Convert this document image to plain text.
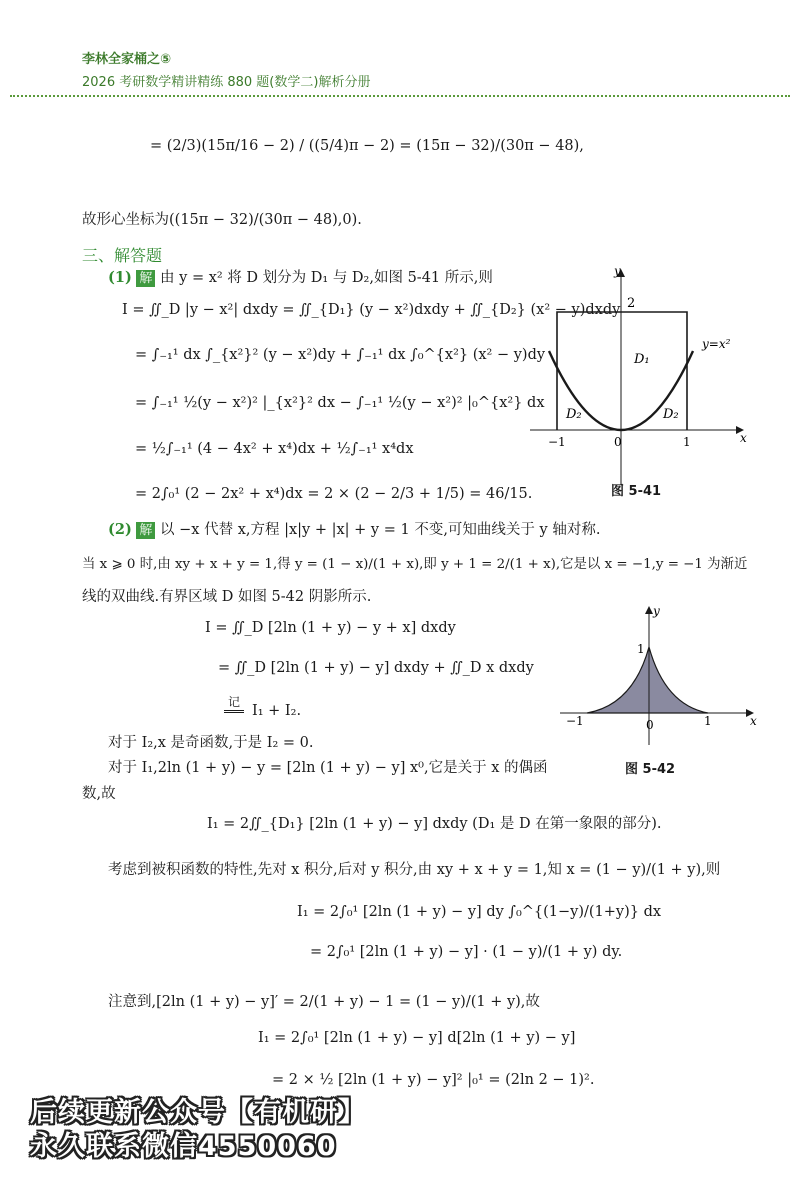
李林全家桶之⑤
2026 考研数学精讲精练 880 题(数学二)解析分册
= (2/3)(15π/16 − 2) / ((5/4)π − 2) = (15π − 32)/(30π − 48),
故形心坐标为((15π − 32)/(30π − 48),0).
三、解答题
(1) 解 由 y = x² 将 D 划分为 D₁ 与 D₂,如图 5-41 所示,则
I = ∬_D |y − x²| dxdy = ∬_{D₁} (y − x²)dxdy + ∬_{D₂} (x² − y)dxdy
= ∫₋₁¹ dx ∫_{x²}² (y − x²)dy + ∫₋₁¹ dx ∫₀^{x²} (x² − y)dy
= ∫₋₁¹ ½(y − x²)² |_{x²}² dx − ∫₋₁¹ ½(y − x²)² |₀^{x²} dx
= ½∫₋₁¹ (4 − 4x² + x⁴)dx + ½∫₋₁¹ x⁴dx
= 2∫₀¹ (2 − 2x² + x⁴)dx = 2 × (2 − 2/3 + 1/5) = 46/15.
y
x
2
y=x²
D₁
D₂	D₂
−1	0	1
图 5-41
(2) 解 以 −x 代替 x,方程 |x|y + |x| + y = 1 不变,可知曲线关于 y 轴对称.
当 x ⩾ 0 时,由 xy + x + y = 1,得 y = (1 − x)/(1 + x),即 y + 1 = 2/(1 + x),它是以 x = −1,y = −1 为渐近
线的双曲线.有界区域 D 如图 5-42 阴影所示.
I = ∬_D [2ln (1 + y) − y + x] dxdy
= ∬_D [2ln (1 + y) − y] dxdy + ∬_D x dxdy
记
I₁ + I₂.
对于 I₂,x 是奇函数,于是 I₂ = 0.
对于 I₁,2ln (1 + y) − y = [2ln (1 + y) − y] x⁰,它是关于 x 的偶函
数,故
I₁ = 2∬_{D₁} [2ln (1 + y) − y] dxdy (D₁ 是 D 在第一象限的部分).
考虑到被积函数的特性,先对 x 积分,后对 y 积分,由 xy + x + y = 1,知 x = (1 − y)/(1 + y),则
I₁ = 2∫₀¹ [2ln (1 + y) − y] dy ∫₀^{(1−y)/(1+y)} dx
= 2∫₀¹ [2ln (1 + y) − y] · (1 − y)/(1 + y) dy.
注意到,[2ln (1 + y) − y]′ = 2/(1 + y) − 1 = (1 − y)/(1 + y),故
I₁ = 2∫₀¹ [2ln (1 + y) − y] d[2ln (1 + y) − y]
= 2 × ½ [2ln (1 + y) − y]² |₀¹ = (2ln 2 − 1)².
y
x
1
−1	0	1
图 5-42
后续更新公众号【有机研】
永久联系微信4550060
